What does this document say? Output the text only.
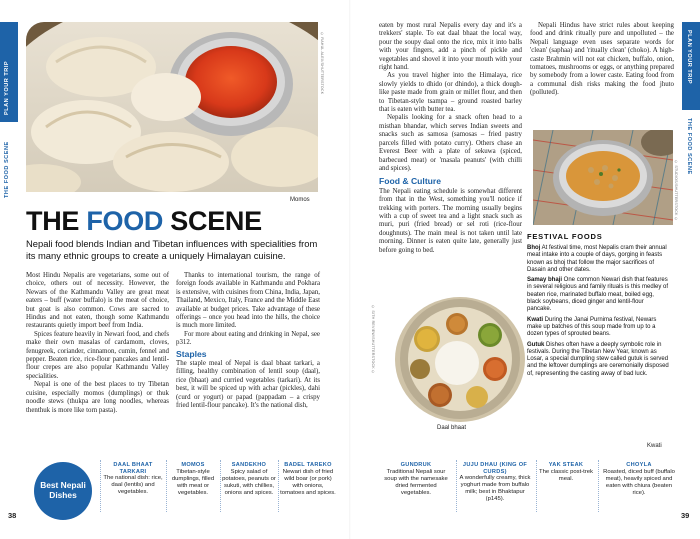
PLAN YOUR TRIP
THE FOOD SCENE
PLAN YOUR TRIP
THE FOOD SCENE
© RAHUL ALEX/SHUTTERSTOCK
Momos
THE FOOD SCENE
Nepali food blends Indian and Tibetan influences with specialities from its many ethnic groups to create a uniquely Himalayan cuisine.

Most Hindu Nepalis are vegetarians, some out of choice, others out of necessity. However, the Newars of the Kathmandu Valley are great meat eaters – buff (water buffalo) is the meat of choice, but goat is also common. Cows are sacred to Hindus and not eaten, though some Kathmandu restaurants quietly import beef from India.

Spices feature heavily in Newari food, and chefs make their own masalas of cardamom, cloves, fenugreek, coriander, cinnamon, cumin, fennel and pepper. Beaten rice, rice-flour pancakes and lentil-flour crepes are also popular Kathmandu Valley specialities.

Nepal is one of the best places to try Tibetan cuisine, especially momos (dumplings) or thuk noodle stews (thukpa are long noodles, whereas thenthuk is more like torn pasta).

Thanks to international tourism, the range of foreign foods available in Kathmandu and Pokhara is extensive, with cuisines from China, India, Japan, Thailand, Mexico, Italy, France and the Middle East available at budget prices. Take advantage of these offerings – once you head into the hills, the choice is much more limited.

For more about eating and drinking in Nepal, see p312.

Staples

The staple meal of Nepal is daal bhaat tarkari, a filling, healthy combination of lentil soup (daal), rice (bhaat) and curried vegetables (tarkari). At its best, it will be spiced up with achar (pickles), dahi (curd or yogurt) or papad (pappadam – a crispy fried lentil-flour pancake). It's the national dish,

eaten by most rural Nepalis every day and it's a trekkers' staple. To eat daal bhaat the local way, pour the soupy daal onto the rice, mix it into balls with your fingers, add a pinch of pickle and vegetables and shovel it into your mouth with your right hand.

As you travel higher into the Himalaya, rice slowly yields to dhido (or dhindo), a thick dough-like paste made from grain or millet flour, and then to Tibetan-style tsampa – ground roasted barley that is eaten with butter tea.

Nepalis looking for a snack often head to a misthan bhandar, which serves Indian sweets and snacks such as samosa (samosas – fried pastry parcels filled with potato curry). Others chase an Everest Beer with a plate of sekuwa (spiced, barbecued meat) or 'masala peanuts' (with chilli and spices).

Food & Culture

The Nepali eating schedule is somewhat different from that in the West, something you'll notice if trekking with porters. The morning usually begins with a cup of sweet tea and a light snack such as muri, puri (fried bread) or sel roti (rice-flour doughnuts). The main meal is not taken until late morning. Dinner is eaten quite late, generally just before going to bed.

Nepali Hindus have strict rules about keeping food and drink ritually pure and unpolluted – the Nepali language even uses separate words for 'clean' (saphaa) and 'ritually clean' (choko). A high-caste Brahmin will not eat chicken, buffalo, onion, tomatoes, mushrooms or eggs, or anything prepared by somebody from a lower caste. Eating food from a communal dish risks making the food jhuto (polluted).

© STUDIOS/SHUTTERSTOCK ©
Kwati
FESTIVAL FOODS
Bhoj At festival time, most Nepalis cram their annual meat intake into a couple of days, gorging in feasts known as bhoj that follow the major sacrifices of Dasain and other dates.
Samay bhaji One common Newari dish that features in several religious and family rituals is this medley of beaten rice, marinated buffalo meat, boiled egg, black soybeans, diced ginger and lentil-flour pancake.
Kwati During the Janai Purnima festival, Newars make up batches of this soup made from up to a dozen types of sprouted beans.
Gutuk Dishes often have a deeply symbolic role in festivals. During the Tibetan New Year, known as Losar, a special dumpling stew called gutuk is served and the leftover dumplings are ceremonially disposed of, representing the casting away of bad luck.
© SITH REVIEW/SHUTTERSTOCK ©
Daal bhaat
Best Nepali Dishes
DAAL BHAAT TARKARI
The national dish: rice, daal (lentils) and vegetables.
MOMOS
Tibetan-style dumplings, filled with meat or vegetables.
SANDEKHO
Spicy salad of potatoes, peanuts or sukuti, with chillies, onions and spices.
BADEL TAREKO
Newari dish of fried wild boar (or pork) with onions, tomatoes and spices.
GUNDRUK
Traditional Nepali sour soup with the namesake dried fermented vegetables.
JUJU DHAU (KING OF CURDS)
A wonderfully creamy, thick yoghurt made from buffalo milk; best in Bhaktapur (p145).
YAK STEAK
The classic post-trek meal.
CHOYLA
Roasted, diced buff (buffalo meat), heavily spiced and eaten with chiura (beaten rice).
38	39
